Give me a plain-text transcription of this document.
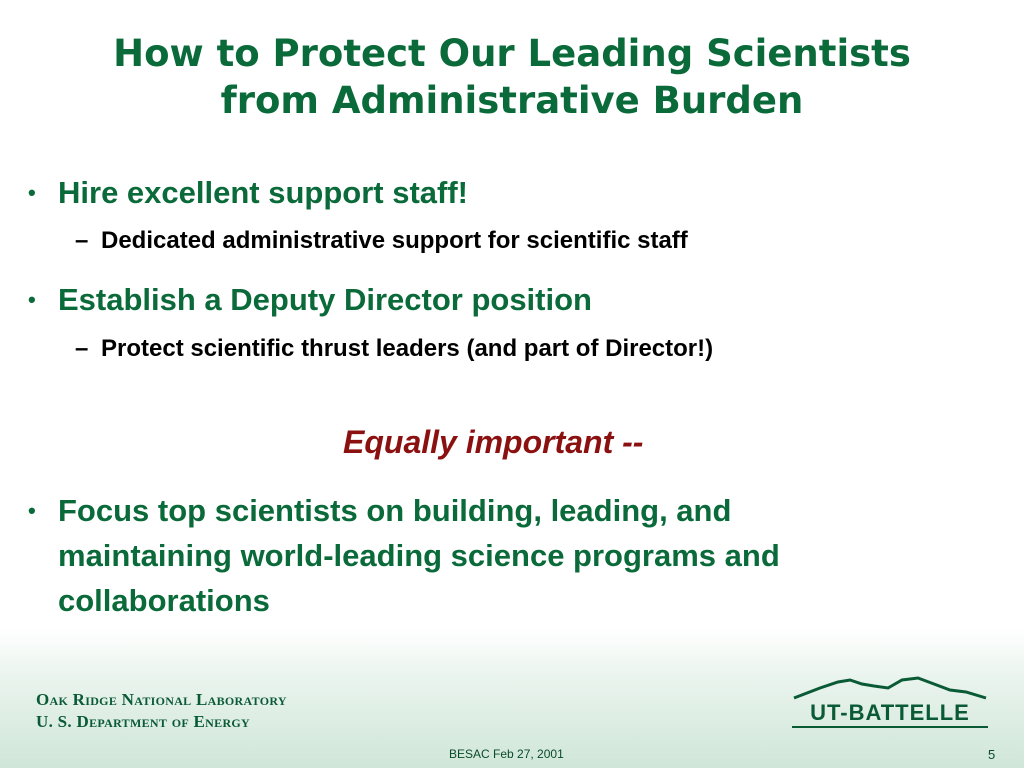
How to Protect Our Leading Scientists
from Administrative Burden
• Hire excellent support staff!
– Dedicated administrative support for scientific staff
• Establish a Deputy Director position
– Protect scientific thrust leaders (and part of Director!)
Equally important --
• Focus top scientists on building, leading, and
maintaining world-leading science programs and
collaborations
Oak Ridge National Laboratory
U. S. Department of Energy	UT-BATTELLE
BESAC Feb 27, 2001	5
